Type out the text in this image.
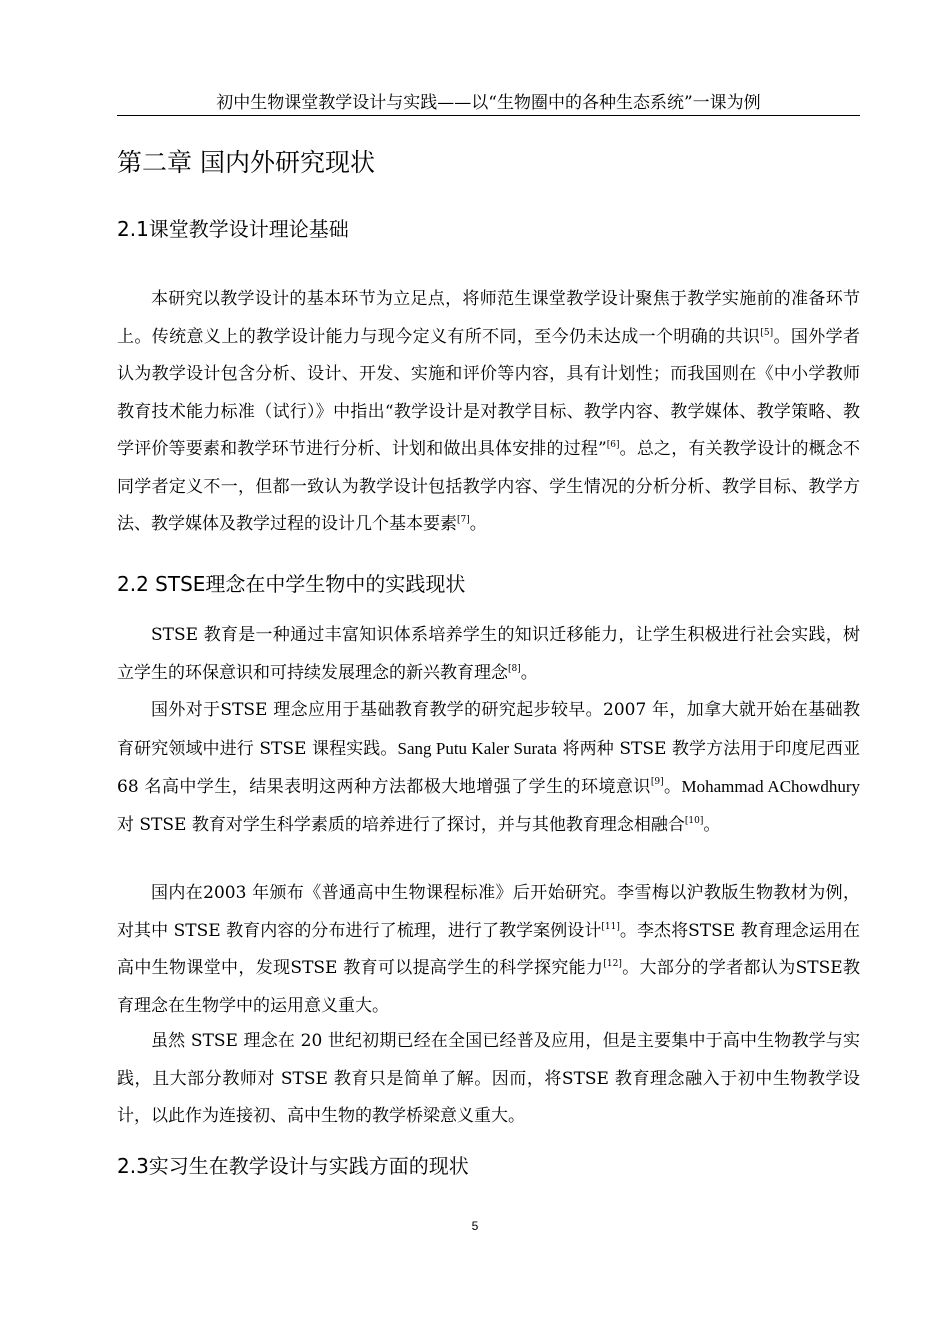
初中生物课堂教学设计与实践——以“生物圈中的各种生态系统”一课为例
第二章 国内外研究现状
2.1课堂教学设计理论基础

本研究以教学设计的基本环节为立足点，将师范生课堂教学设计聚焦于教学实施前的准备环节上。传统意义上的教学设计能力与现今定义有所不同，至今仍未达成一个明确的共识[5]。国外学者认为教学设计包含分析、设计、开发、实施和评价等内容，具有计划性；而我国则在《中小学教师教育技术能力标准（试行）》中指出“教学设计是对教学目标、教学内容、教学媒体、教学策略、教学评价等要素和教学环节进行分析、计划和做出具体安排的过程”[6]。总之，有关教学设计的概念不同学者定义不一，但都一致认为教学设计包括教学内容、学生情况的分析分析、教学目标、教学方法、教学媒体及教学过程的设计几个基本要素[7]。

2.2 STSE理念在中学生物中的实践现状

STSE 教育是一种通过丰富知识体系培养学生的知识迁移能力，让学生积极进行社会实践，树立学生的环保意识和可持续发展理念的新兴教育理念[8]。

国外对于STSE 理念应用于基础教育教学的研究起步较早。2007 年，加拿大就开始在基础教育研究领域中进行 STSE 课程实践。Sang Putu Kaler Surata 将两种 STSE 教学方法用于印度尼西亚 68 名高中学生，结果表明这两种方法都极大地增强了学生的环境意识[9]。Mohammad AChowdhury 对 STSE 教育对学生科学素质的培养进行了探讨，并与其他教育理念相融合[10]。

国内在2003 年颁布《普通高中生物课程标准》后开始研究。李雪梅以沪教版生物教材为例，对其中 STSE 教育内容的分布进行了梳理，进行了教学案例设计[11]。李杰将STSE 教育理念运用在高中生物课堂中，发现STSE 教育可以提高学生的科学探究能力[12]。大部分的学者都认为STSE教育理念在生物学中的运用意义重大。

虽然 STSE 理念在 20 世纪初期已经在全国已经普及应用，但是主要集中于高中生物教学与实践，且大部分教师对 STSE 教育只是简单了解。因而，将STSE 教育理念融入于初中生物教学设计，以此作为连接初、高中生物的教学桥梁意义重大。

2.3实习生在教学设计与实践方面的现状
5
